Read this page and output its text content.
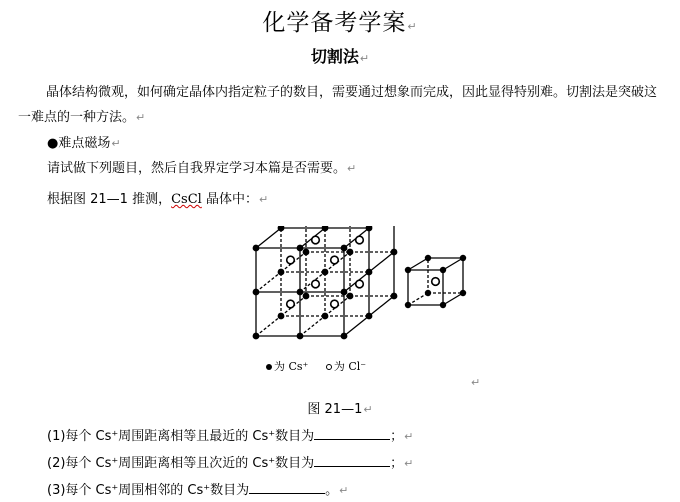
化学备考学案↵
切割法↵
晶体结构微观，如何确定晶体内指定粒子的数目，需要通过想象而完成，因此显得特别难。切割法是突破这一难点的一种方法。↵
●难点磁场↵
请试做下列题目，然后自我界定学习本篇是否需要。↵
根据图 21—1 推测，CsCl 晶体中：↵
为 Cs⁺ 为 Cl⁻
↵
图 21—1↵
(1)每个 Cs⁺周围距离相等且最近的 Cs⁺数目为	；↵
(2)每个 Cs⁺周围距离相等且次近的 Cs⁺数目为	；↵
(3)每个 Cs⁺周围相邻的 Cs⁺数目为	。↵
